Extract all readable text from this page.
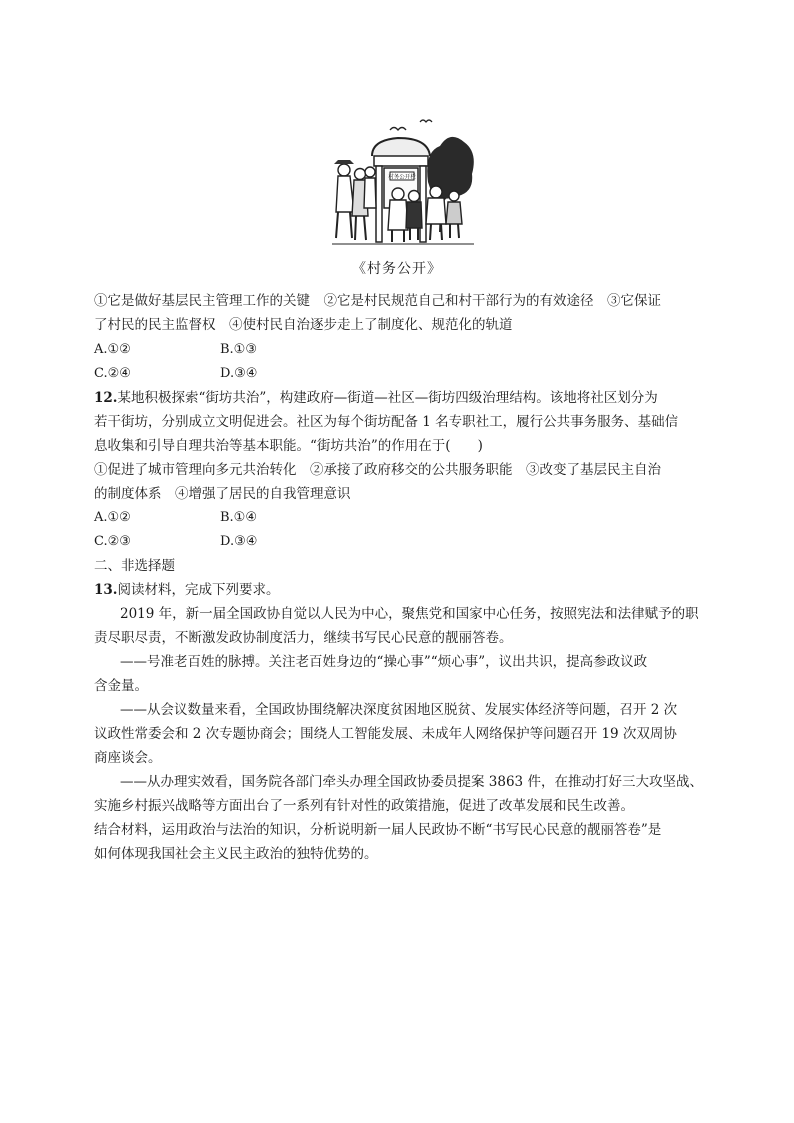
村务公开栏
《村务公开》
①它是做好基层民主管理工作的关键　②它是村民规范自己和村干部行为的有效途径　③它保证
了村民的民主监督权　④使村民自治逐步走上了制度化、规范化的轨道
A.①②	B.①③
C.②④	D.③④
12.某地积极探索“街坊共治”，构建政府—街道—社区—街坊四级治理结构。该地将社区划分为
若干街坊，分别成立文明促进会。社区为每个街坊配备 1 名专职社工，履行公共事务服务、基础信
息收集和引导自理共治等基本职能。“街坊共治”的作用在于(　　)
①促进了城市管理向多元共治转化　②承接了政府移交的公共服务职能　③改变了基层民主自治
的制度体系　④增强了居民的自我管理意识
A.①②	B.①④
C.②③	D.③④
二、非选择题
13.阅读材料，完成下列要求。
2019 年，新一届全国政协自觉以人民为中心，聚焦党和国家中心任务，按照宪法和法律赋予的职
责尽职尽责，不断激发政协制度活力，继续书写民心民意的靓丽答卷。
——号准老百姓的脉搏。关注老百姓身边的“操心事”“烦心事”，议出共识，提高参政议政
含金量。
——从会议数量来看，全国政协围绕解决深度贫困地区脱贫、发展实体经济等问题，召开 2 次
议政性常委会和 2 次专题协商会；围绕人工智能发展、未成年人网络保护等问题召开 19 次双周协
商座谈会。
——从办理实效看，国务院各部门牵头办理全国政协委员提案 3863 件，在推动打好三大攻坚战、
实施乡村振兴战略等方面出台了一系列有针对性的政策措施，促进了改革发展和民生改善。
结合材料，运用政治与法治的知识，分析说明新一届人民政协不断“书写民心民意的靓丽答卷”是
如何体现我国社会主义民主政治的独特优势的。
